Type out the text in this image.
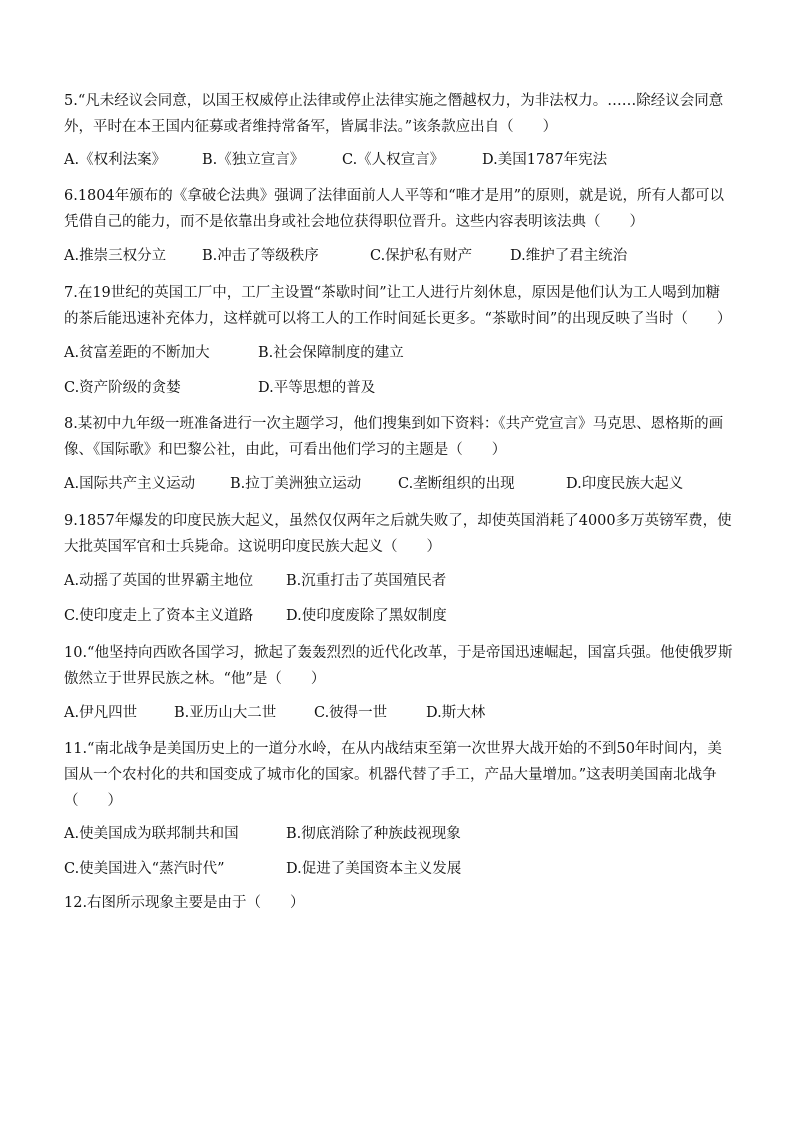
5.“凡未经议会同意，以国王权威停止法律或停止法律实施之僭越权力，为非法权力。……除经议会同意外，平时在本王国内征募或者维持常备军，皆属非法。”该条款应出自（　　）

A.《权利法案》 B.《独立宣言》	C.《人权宣言》	D.美国1787年宪法

6.1804年颁布的《拿破仑法典》强调了法律面前人人平等和“唯才是用”的原则，就是说，所有人都可以凭借自己的能力，而不是依靠出身或社会地位获得职位晋升。这些内容表明该法典（　　）

A.推崇三权分立 B.冲击了等级秩序	C.保护私有财产	D.维护了君主统治

7.在19世纪的英国工厂中，工厂主设置“茶歇时间”让工人进行片刻休息，原因是他们认为工人喝到加糖的茶后能迅速补充体力，这样就可以将工人的工作时间延长更多。“茶歇时间”的出现反映了当时（　　）

A.贫富差距的不断加大	B.社会保障制度的建立
C.资产阶级的贪婪	D.平等思想的普及

8.某初中九年级一班准备进行一次主题学习，他们搜集到如下资料：《共产党宣言》马克思、恩格斯的画像、《国际歌》和巴黎公社，由此，可看出他们学习的主题是（　　）

A.国际共产主义运动 B.拉丁美洲独立运动	C.垄断组织的出现	D.印度民族大起义

9.1857年爆发的印度民族大起义，虽然仅仅两年之后就失败了，却使英国消耗了4000多万英镑军费，使大批英国军官和士兵毙命。这说明印度民族大起义（　　）

A.动摇了英国的世界霸主地位 B.沉重打击了英国殖民者
C.使印度走上了资本主义道路 D.使印度废除了黑奴制度

10.“他坚持向西欧各国学习，掀起了轰轰烈烈的近代化改革，于是帝国迅速崛起，国富兵强。他使俄罗斯傲然立于世界民族之林。“他”是（　　）

A.伊凡四世	B.亚历山大二世	C.彼得一世	D.斯大林

11.“南北战争是美国历史上的一道分水岭，在从内战结束至第一次世界大战开始的不到50年时间内，美国从一个农村化的共和国变成了城市化的国家。机器代替了手工，产品大量增加。”这表明美国南北战争（　　）

A.使美国成为联邦制共和国	B.彻底消除了种族歧视现象
C.使美国进入“蒸汽时代”	D.促进了美国资本主义发展

12.右图所示现象主要是由于（　　）
